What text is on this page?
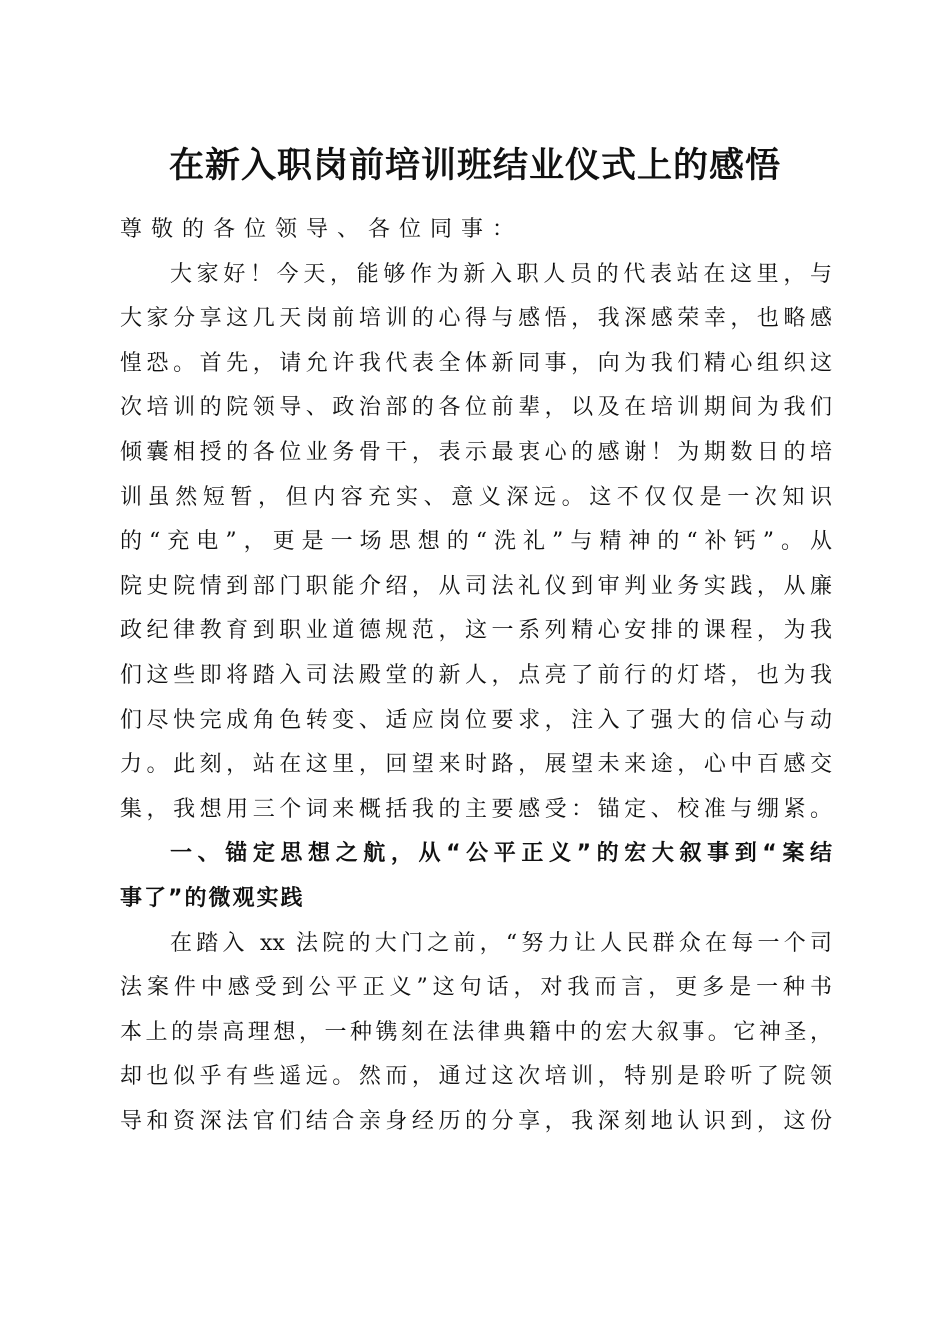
在新入职岗前培训班结业仪式上的感悟
尊敬的各位领导、各位同事：
大家好！今天，能够作为新入职人员的代表站在这里，与
大家分享这几天岗前培训的心得与感悟，我深感荣幸，也略感
惶恐。首先，请允许我代表全体新同事，向为我们精心组织这
次培训的院领导、政治部的各位前辈，以及在培训期间为我们
倾囊相授的各位业务骨干，表示最衷心的感谢！为期数日的培
训虽然短暂，但内容充实、意义深远。这不仅仅是一次知识
的“充电”，更是一场思想的“洗礼”与精神的“补钙”。从
院史院情到部门职能介绍，从司法礼仪到审判业务实践，从廉
政纪律教育到职业道德规范，这一系列精心安排的课程，为我
们这些即将踏入司法殿堂的新人，点亮了前行的灯塔，也为我
们尽快完成角色转变、适应岗位要求，注入了强大的信心与动
力。此刻，站在这里，回望来时路，展望未来途，心中百感交
集，我想用三个词来概括我的主要感受：锚定、校准与绷紧。
一、锚定思想之航，从“公平正义”的宏大叙事到“案结
事了”的微观实践
在踏入 xx 法院的大门之前，“努力让人民群众在每一个司
法案件中感受到公平正义”这句话，对我而言，更多是一种书
本上的崇高理想，一种镌刻在法律典籍中的宏大叙事。它神圣，
却也似乎有些遥远。然而，通过这次培训，特别是聆听了院领
导和资深法官们结合亲身经历的分享，我深刻地认识到，这份
